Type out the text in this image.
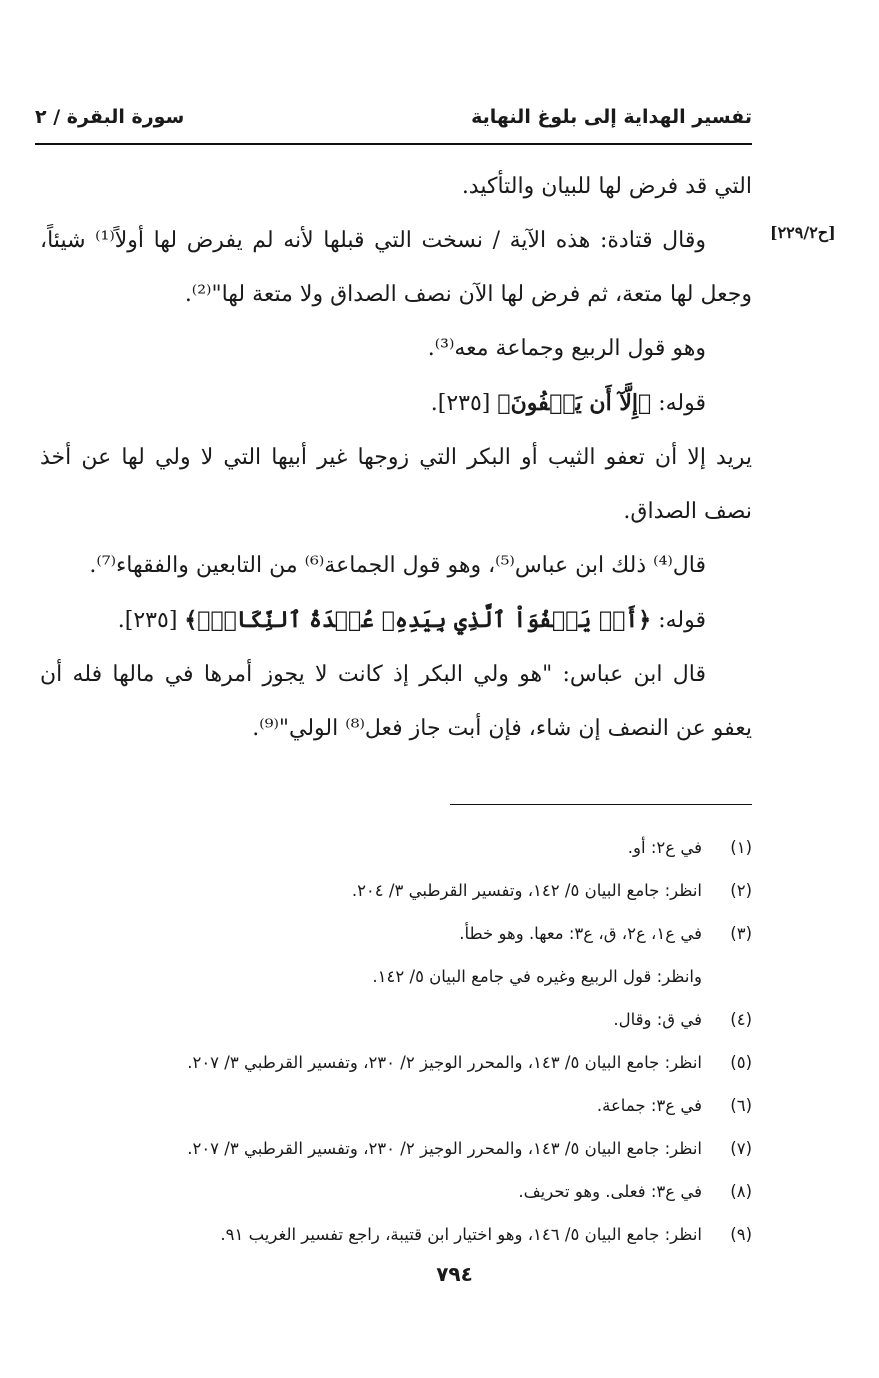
تفسير الهداية إلى بلوغ النهاية
سورة البقرة / ٢
[ح٢٢٩/٢]

التي قد فرض لها للبيان والتأكيد.

وقال قتادة: هذه الآية / نسخت التي قبلها لأنه لم يفرض لها أولاً⁽¹⁾ شيئاً، وجعل لها متعة، ثم فرض لها الآن نصف الصداق ولا متعة لها"⁽²⁾.

وهو قول الربيع وجماعة معه⁽³⁾.

قوله: ﴿إِلَّآ أَن يَعۡفُونَ﴾ [٢٣٥].

يريد إلا أن تعفو الثيب أو البكر التي زوجها غير أبيها التي لا ولي لها عن أخذ نصف الصداق.

قال⁽⁴⁾ ذلك ابن عباس⁽⁵⁾، وهو قول الجماعة⁽⁶⁾ من التابعين والفقهاء⁽⁷⁾.

قوله: ﴿أَوۡ يَعۡفُوَاْ ٱلَّذِي بِيَدِهِۦ عُقۡدَةُ ٱلنِّكَاحِۚ﴾ [٢٣٥].

قال ابن عباس: "هو ولي البكر إذ كانت لا يجوز أمرها في مالها فله أن يعفو عن النصف إن شاء، فإن أبت جاز فعل⁽⁸⁾ الولي"⁽⁹⁾.

(١)
في ع٢: أو.
(٢)
انظر: جامع البيان ٥/ ١٤٢، وتفسير القرطبي ٣/ ٢٠٤.
(٣)
في ع١، ع٢، ق، ع٣: معها. وهو خطأ.
وانظر: قول الربيع وغيره في جامع البيان ٥/ ١٤٢.
(٤)
في ق: وقال.
(٥)
انظر: جامع البيان ٥/ ١٤٣، والمحرر الوجيز ٢/ ٢٣٠، وتفسير القرطبي ٣/ ٢٠٧.
(٦)
في ع٣: جماعة.
(٧)
انظر: جامع البيان ٥/ ١٤٣، والمحرر الوجيز ٢/ ٢٣٠، وتفسير القرطبي ٣/ ٢٠٧.
(٨)
في ع٣: فعلى. وهو تحريف.
(٩)
انظر: جامع البيان ٥/ ١٤٦، وهو اختيار ابن قتيبة، راجع تفسير الغريب ٩١.
٧٩٤
